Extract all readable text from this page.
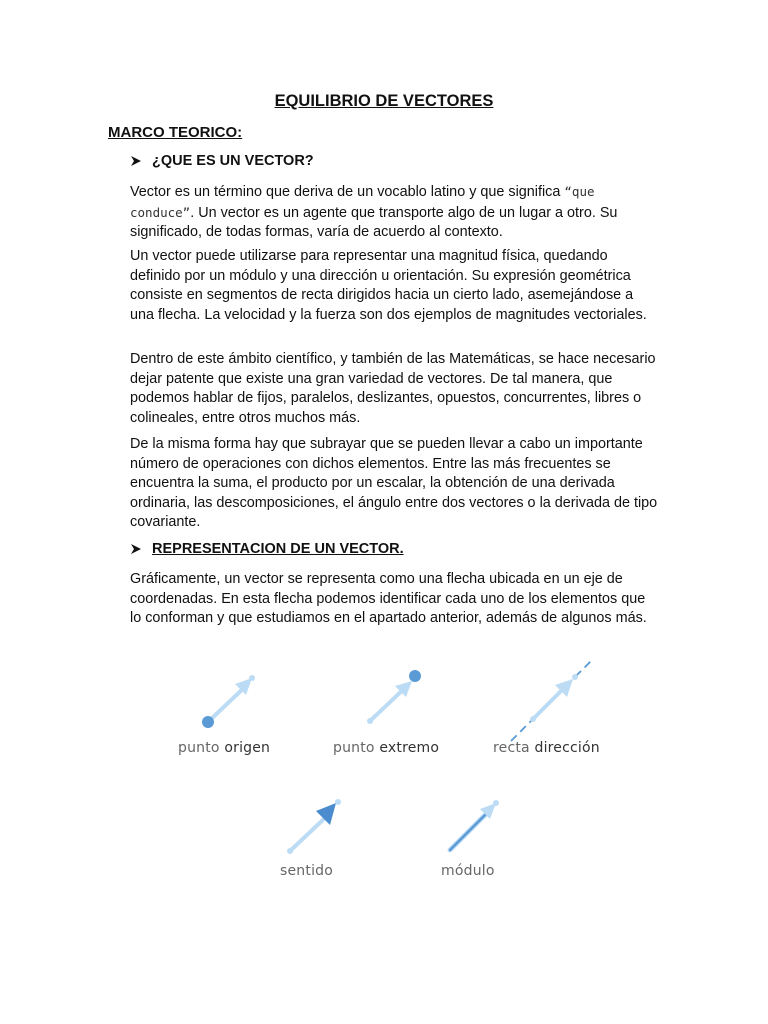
EQUILIBRIO DE VECTORES
MARCO TEORICO:
¿QUE ES UN VECTOR?

Vector es un término que deriva de un vocablo latino y que significa “que conduce”. Un vector es un agente que transporte algo de un lugar a otro. Su significado, de todas formas, varía de acuerdo al contexto.

Un vector puede utilizarse para representar una magnitud física, quedando definido por un módulo y una dirección u orientación. Su expresión geométrica consiste en segmentos de recta dirigidos hacia un cierto lado, asemejándose a una flecha. La velocidad y la fuerza son dos ejemplos de magnitudes vectoriales.

Dentro de este ámbito científico, y también de las Matemáticas, se hace necesario dejar patente que existe una gran variedad de vectores. De tal manera, que podemos hablar de fijos, paralelos, deslizantes, opuestos, concurrentes, libres o colineales, entre otros muchos más.

De la misma forma hay que subrayar que se pueden llevar a cabo un importante número de operaciones con dichos elementos. Entre las más frecuentes se encuentra la suma, el producto por un escalar, la obtención de una derivada ordinaria, las descomposiciones, el ángulo entre dos vectores o la derivada de tipo covariante.

REPRESENTACION DE UN VECTOR.

Gráficamente, un vector se representa como una flecha ubicada en un eje de coordenadas. En esta flecha podemos identificar cada uno de los elementos que lo conforman y que estudiamos en el apartado anterior, además de algunos más.

punto origen	punto extremo	recta dirección
sentido	módulo
